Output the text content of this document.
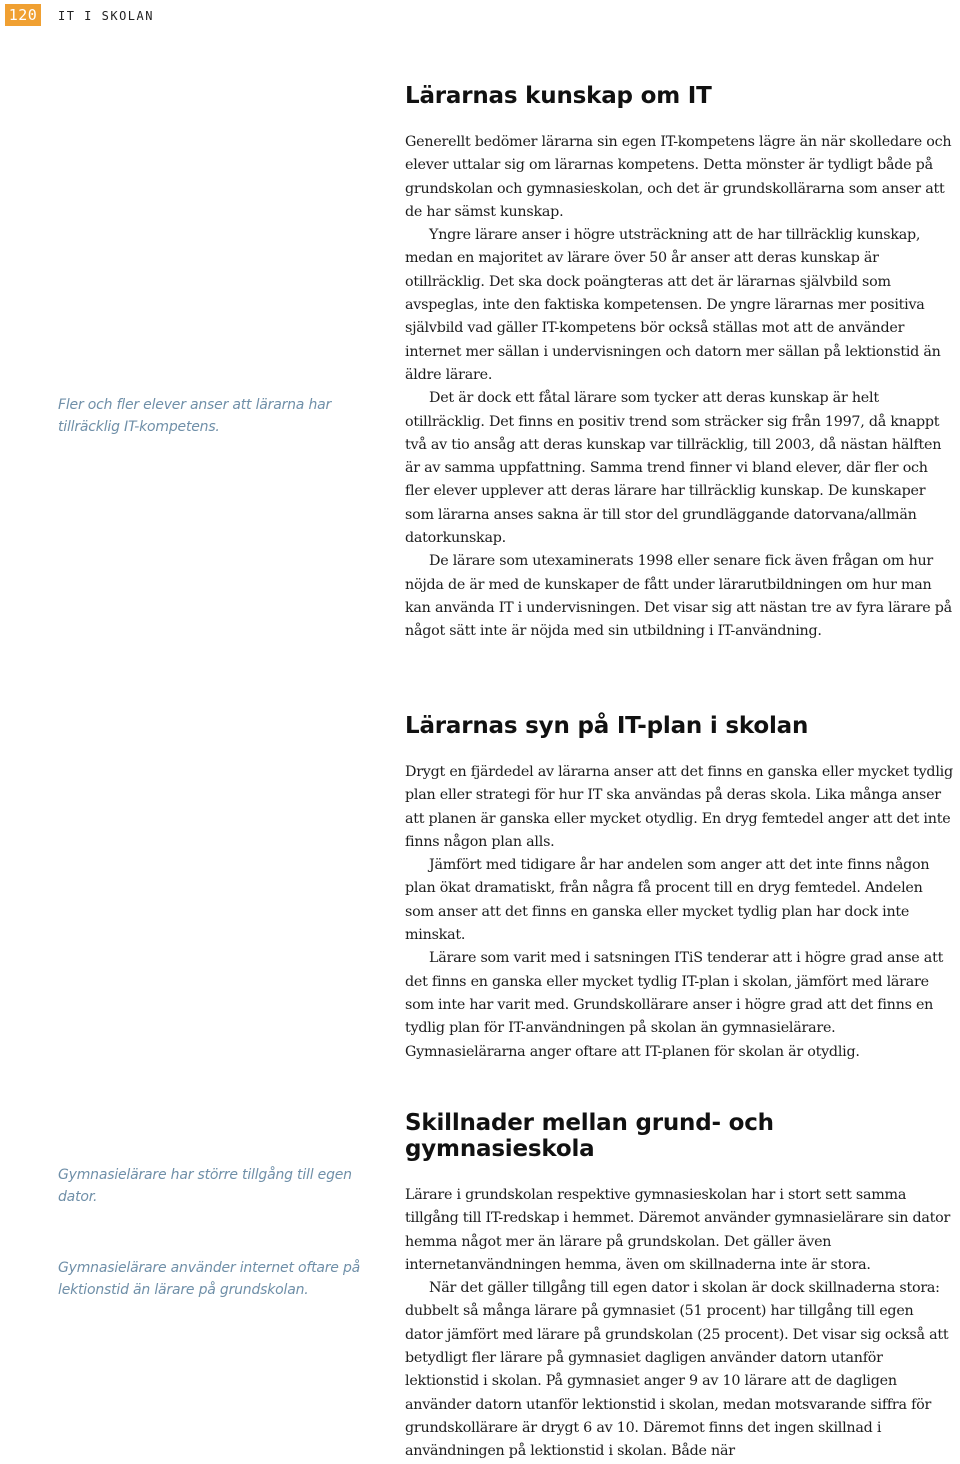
120	IT I SKOLAN

Fler och fler elever anser att lärarna har tillräcklig IT-kompetens.

Gymnasielärare har större tillgång till egen dator.

Gymnasielärare använder internet oftare på lektionstid än lärare på grundskolan.

Lärarnas kunskap om IT

Generellt bedömer lärarna sin egen IT-kompetens lägre än när skolledare och elever uttalar sig om lärarnas kompetens. Detta mönster är tydligt både på grundskolan och gymnasieskolan, och det är grundskollärarna som anser att de har sämst kunskap.

Yngre lärare anser i högre utsträckning att de har tillräcklig kunskap, medan en majoritet av lärare över 50 år anser att deras kunskap är otillräcklig. Det ska dock poängteras att det är lärarnas självbild som avspeglas, inte den faktiska kompetensen. De yngre lärarnas mer positiva självbild vad gäller IT-kompetens bör också ställas mot att de använder internet mer sällan i undervisningen och datorn mer sällan på lektionstid än äldre lärare.

Det är dock ett fåtal lärare som tycker att deras kunskap är helt otillräcklig. Det finns en positiv trend som sträcker sig från 1997, då knappt två av tio ansåg att deras kunskap var tillräcklig, till 2003, då nästan hälften är av samma uppfattning. Samma trend finner vi bland elever, där fler och fler elever upplever att deras lärare har tillräcklig kunskap. De kunskaper som lärarna anses sakna är till stor del grundläggande datorvana/allmän datorkunskap.

De lärare som utexaminerats 1998 eller senare fick även frågan om hur nöjda de är med de kunskaper de fått under lärarutbildningen om hur man kan använda IT i undervisningen. Det visar sig att nästan tre av fyra lärare på något sätt inte är nöjda med sin utbildning i IT-användning.

Lärarnas syn på IT-plan i skolan

Drygt en fjärdedel av lärarna anser att det finns en ganska eller mycket tydlig plan eller strategi för hur IT ska användas på deras skola. Lika många anser att planen är ganska eller mycket otydlig. En dryg femtedel anger att det inte finns någon plan alls.

Jämfört med tidigare år har andelen som anger att det inte finns någon plan ökat dramatiskt, från några få procent till en dryg femtedel. Andelen som anser att det finns en ganska eller mycket tydlig plan har dock inte minskat.

Lärare som varit med i satsningen ITiS tenderar att i högre grad anse att det finns en ganska eller mycket tydlig IT-plan i skolan, jämfört med lärare som inte har varit med. Grundskollärare anser i högre grad att det finns en tydlig plan för IT-användningen på skolan än gymnasielärare. Gymnasielärarna anger oftare att IT-planen för skolan är otydlig.

Skillnader mellan grund- och gymnasieskola

Lärare i grundskolan respektive gymnasieskolan har i stort sett samma tillgång till IT-redskap i hemmet. Däremot använder gymnasielärare sin dator hemma något mer än lärare på grundskolan. Det gäller även internetanvändningen hemma, även om skillnaderna inte är stora.

När det gäller tillgång till egen dator i skolan är dock skillnaderna stora: dubbelt så många lärare på gymnasiet (51 procent) har tillgång till egen dator jämfört med lärare på grundskolan (25 procent). Det visar sig också att betydligt fler lärare på gymnasiet dagligen använder datorn utanför lektionstid i skolan. På gymnasiet anger 9 av 10 lärare att de dagligen använder datorn utanför lektionstid i skolan, medan motsvarande siffra för grundskollärare är drygt 6 av 10. Däremot finns det ingen skillnad i användningen på lektionstid i skolan. Både när
